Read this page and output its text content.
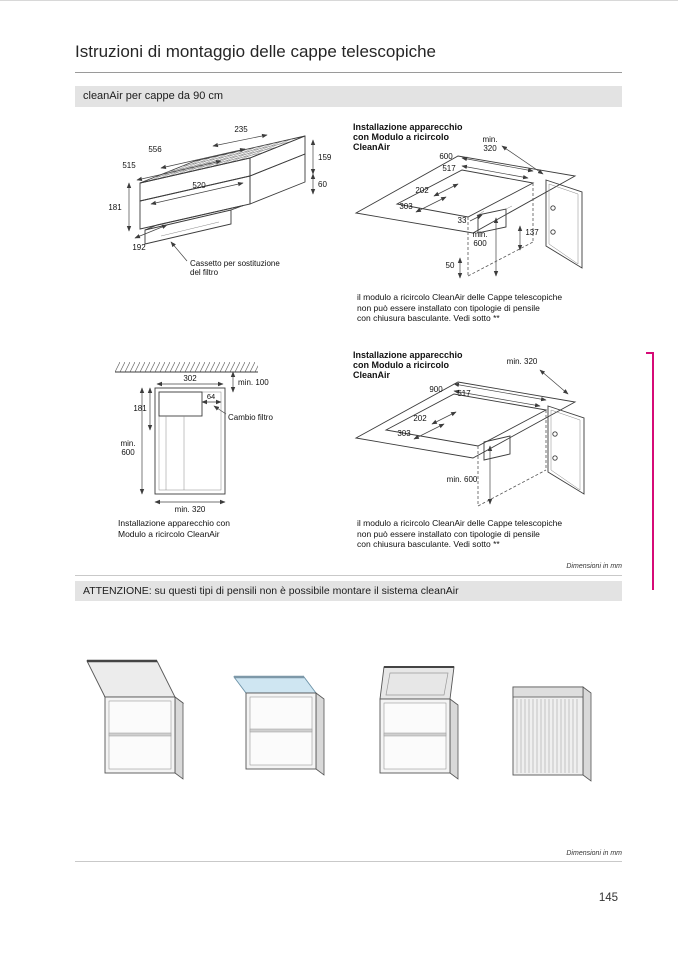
Istruzioni di montaggio delle cappe telescopiche
cleanAir per cappe da 90 cm
235
556
515
159
60
520
181
192
Cassetto per sostituzione
del filtro
Installazione apparecchio
con Modulo a ricircolo
CleanAir
600
517
min.
320
202
303
33
min.
600
137
50
il modulo a ricircolo CleanAir delle Cappe telescopiche
non può essere installato con tipologie di pensile
con chiusura basculante. Vedi sotto **
302	min. 100
64
181
Cambio filtro
min.
600
min. 320
Installazione apparecchio con
Modulo a ricircolo CleanAir
Installazione apparecchio
con Modulo a ricircolo
CleanAir
min. 320
900 517
202
303
min. 600
il modulo a ricircolo CleanAir delle Cappe telescopiche
non può essere installato con tipologie di pensile
con chiusura basculante. Vedi sotto **
Dimensioni in mm
ATTENZIONE: su questi tipi di pensili non è possibile montare il sistema cleanAir
Dimensioni in mm
145
